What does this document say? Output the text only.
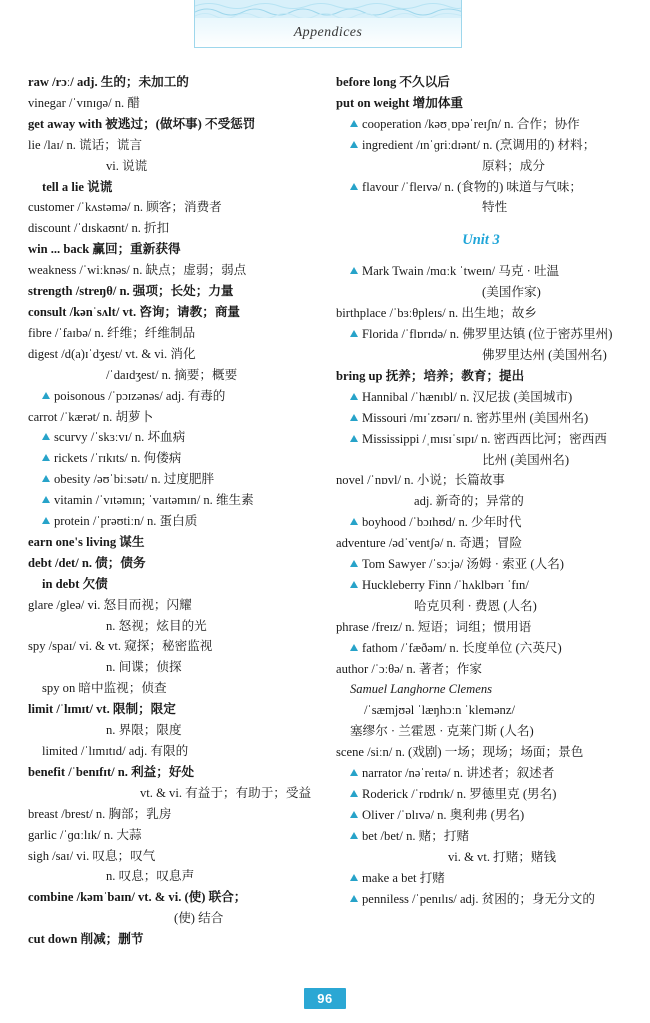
Appendices
raw /rɔː/ adj. 生的；未加工的
vinegar /ˈvɪnɪɡə/ n. 醋
get away with 被逃过；(做坏事) 不受惩罚
lie /laɪ/ n. 谎话；谎言
vi. 说谎
tell a lie 说谎
customer /ˈkʌstəmə/ n. 顾客；消费者
discount /ˈdɪskaʊnt/ n. 折扣
win ... back 赢回；重新获得
weakness /ˈwiːknəs/ n. 缺点；虚弱；弱点
strength /streŋθ/ n. 强项；长处；力量
consult /kənˈsʌlt/ vt. 咨询；请教；商量
fibre /ˈfaɪbə/ n. 纤维；纤维制品
digest /d(a)ɪˈdʒest/ vt. & vi. 消化
/ˈdaɪdʒest/ n. 摘要；概要
poisonous /ˈpɔɪzənəs/ adj. 有毒的
carrot /ˈkærət/ n. 胡萝卜
scurvy /ˈskɜːvɪ/ n. 坏血病
rickets /ˈrɪkɪts/ n. 佝偻病
obesity /əʊˈbiːsətɪ/ n. 过度肥胖
vitamin /ˈvɪtəmɪn; ˈvaɪtəmɪn/ n. 维生素
protein /ˈprəʊtiːn/ n. 蛋白质
earn one's living 谋生
debt /det/ n. 债；债务
in debt 欠债
glare /gleə/ vi. 怒目而视；闪耀
n. 怒视；炫目的光
spy /spaɪ/ vi. & vt. 窥探；秘密监视
n. 间谍；侦探
spy on 暗中监视；侦查
limit /ˈlɪmɪt/ vt. 限制；限定
n. 界限；限度
limited /ˈlɪmɪtɪd/ adj. 有限的
benefit /ˈbenɪfɪt/ n. 利益；好处
vt. & vi. 有益于；有助于；受益
breast /brest/ n. 胸部；乳房
garlic /ˈɡɑːlɪk/ n. 大蒜
sigh /saɪ/ vi. 叹息；叹气
n. 叹息；叹息声
combine /kəmˈbaɪn/ vt. & vi. (使) 联合；
(使) 结合
cut down 削减；删节
before long 不久以后
put on weight 增加体重
cooperation /kəʊˌɒpəˈreɪʃn/ n. 合作；协作
ingredient /ɪnˈɡriːdɪənt/ n. (烹调用的) 材料；
原料；成分
flavour /ˈfleɪvə/ n. (食物的) 味道与气味；
特性
Unit 3
Mark Twain /mɑːk ˈtweɪn/ 马克 · 吐温
(美国作家)
birthplace /ˈbɜːθpleɪs/ n. 出生地；故乡
Florida /ˈflɒrɪdə/ n. 佛罗里达镇 (位于密苏里州)
佛罗里达州 (美国州名)
bring up 抚养；培养；教育；提出
Hannibal /ˈhænɪbl/ n. 汉尼拔 (美国城市)
Missouri /mɪˈzʊərɪ/ n. 密苏里州 (美国州名)
Mississippi /ˌmɪsɪˈsɪpɪ/ n. 密西西比河；密西西
比州 (美国州名)
novel /ˈnɒvl/ n. 小说；长篇故事
adj. 新奇的；异常的
boyhood /ˈbɔɪhʊd/ n. 少年时代
adventure /ədˈventʃə/ n. 奇遇；冒险
Tom Sawyer /ˈsɔːjə/ 汤姆 · 索亚 (人名)
Huckleberry Finn /ˈhʌklbərɪ ˈfɪn/
哈克贝利 · 费恩 (人名)
phrase /freɪz/ n. 短语；词组；惯用语
fathom /ˈfæðəm/ n. 长度单位 (六英尺)
author /ˈɔːθə/ n. 著者；作家
Samuel Langhorne Clemens
/ˈsæmjʊəl ˈlæŋhɔːn ˈklemənz/
塞缪尔 · 兰霍恩 · 克莱门斯 (人名)
scene /siːn/ n. (戏剧) 一场；现场；场面；景色
narrator /nəˈreɪtə/ n. 讲述者；叙述者
Roderick /ˈrɒdrɪk/ n. 罗德里克 (男名)
Oliver /ˈɒlɪvə/ n. 奥利弗 (男名)
bet /bet/ n. 赌；打赌
vi. & vt. 打赌；赌钱
make a bet 打赌
penniless /ˈpenɪlɪs/ adj. 贫困的；身无分文的
96
